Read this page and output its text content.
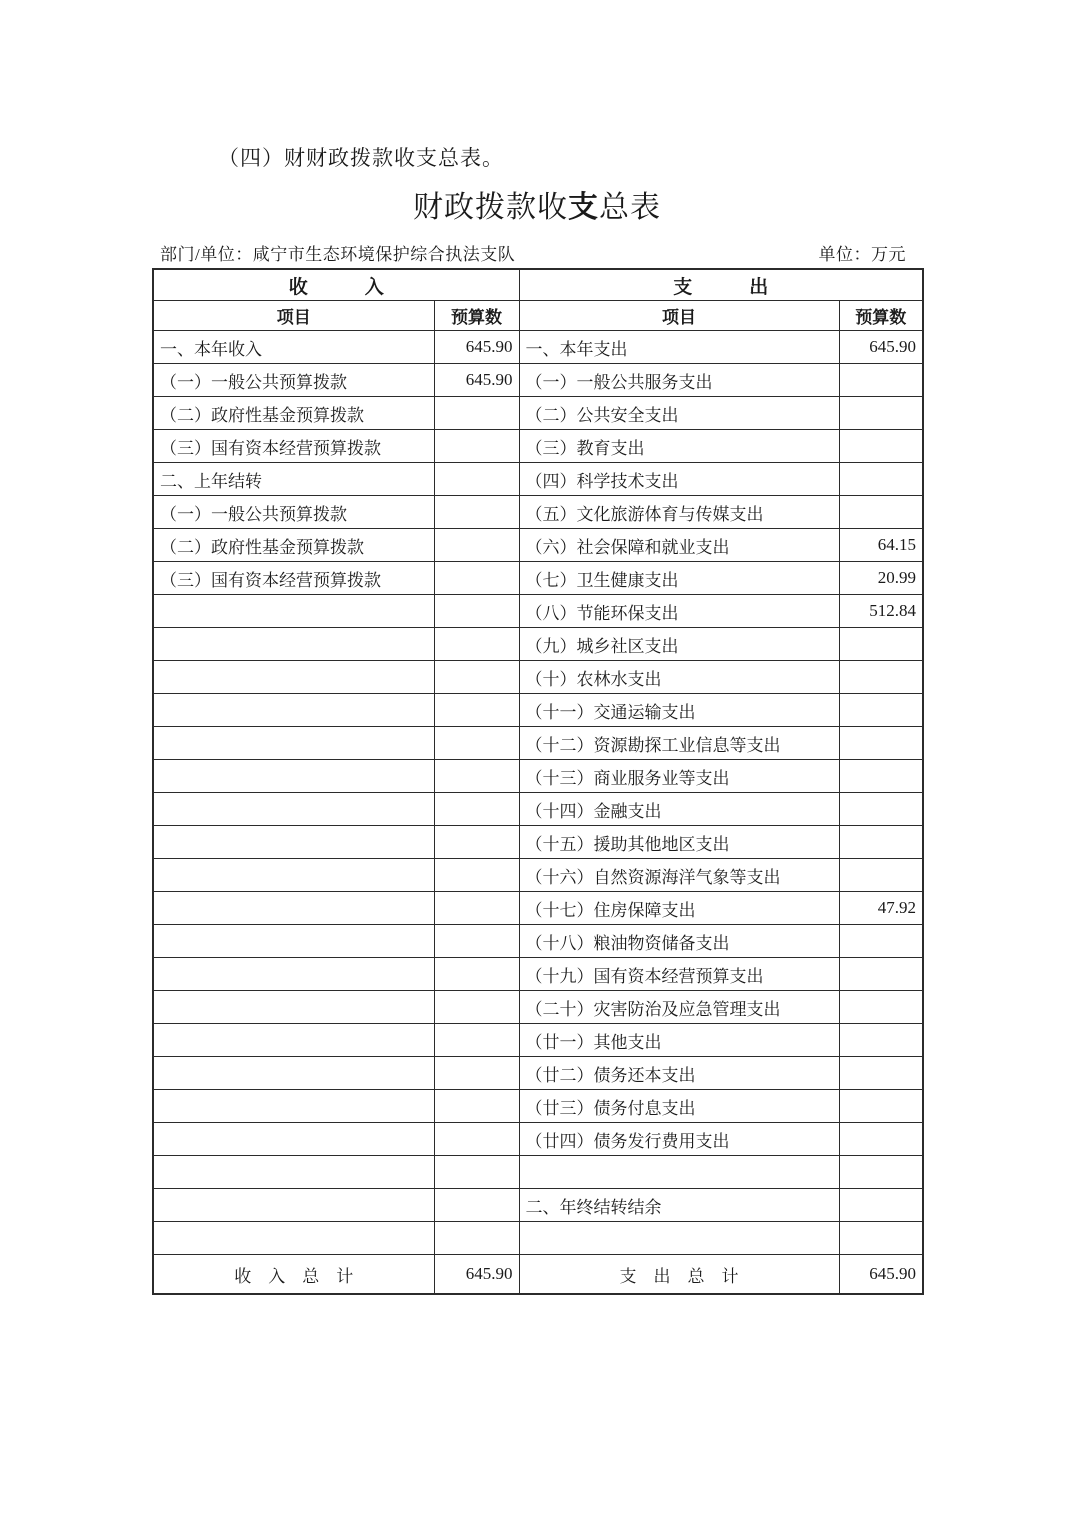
（四）财财政拨款收支总表。
财政拨款收支总表
部门/单位：咸宁市生态环境保护综合执法支队	单位：万元
收　　　入		支　　　出	
项目	预算数	项目	预算数
一、本年收入	645.90	一、本年支出	645.90
（一）一般公共预算拨款	645.90	（一）一般公共服务支出	
（二）政府性基金预算拨款		（二）公共安全支出	
（三）国有资本经营预算拨款		（三）教育支出	
二、上年结转		（四）科学技术支出	
（一）一般公共预算拨款		（五）文化旅游体育与传媒支出	
（二）政府性基金预算拨款		（六）社会保障和就业支出	64.15
（三）国有资本经营预算拨款		（七）卫生健康支出	20.99
		（八）节能环保支出	512.84
		（九）城乡社区支出	
		（十）农林水支出	
		（十一）交通运输支出	
		（十二）资源勘探工业信息等支出	
		（十三）商业服务业等支出	
		（十四）金融支出	
		（十五）援助其他地区支出	
		（十六）自然资源海洋气象等支出	
		（十七）住房保障支出	47.92
		（十八）粮油物资储备支出	
		（十九）国有资本经营预算支出	
		（二十）灾害防治及应急管理支出	
		（廿一）其他支出	
		（廿二）债务还本支出	
		（廿三）债务付息支出	
		（廿四）债务发行费用支出	

		二、年终结转结余	

收　入　总　计	645.90	支　出　总　计	645.90
